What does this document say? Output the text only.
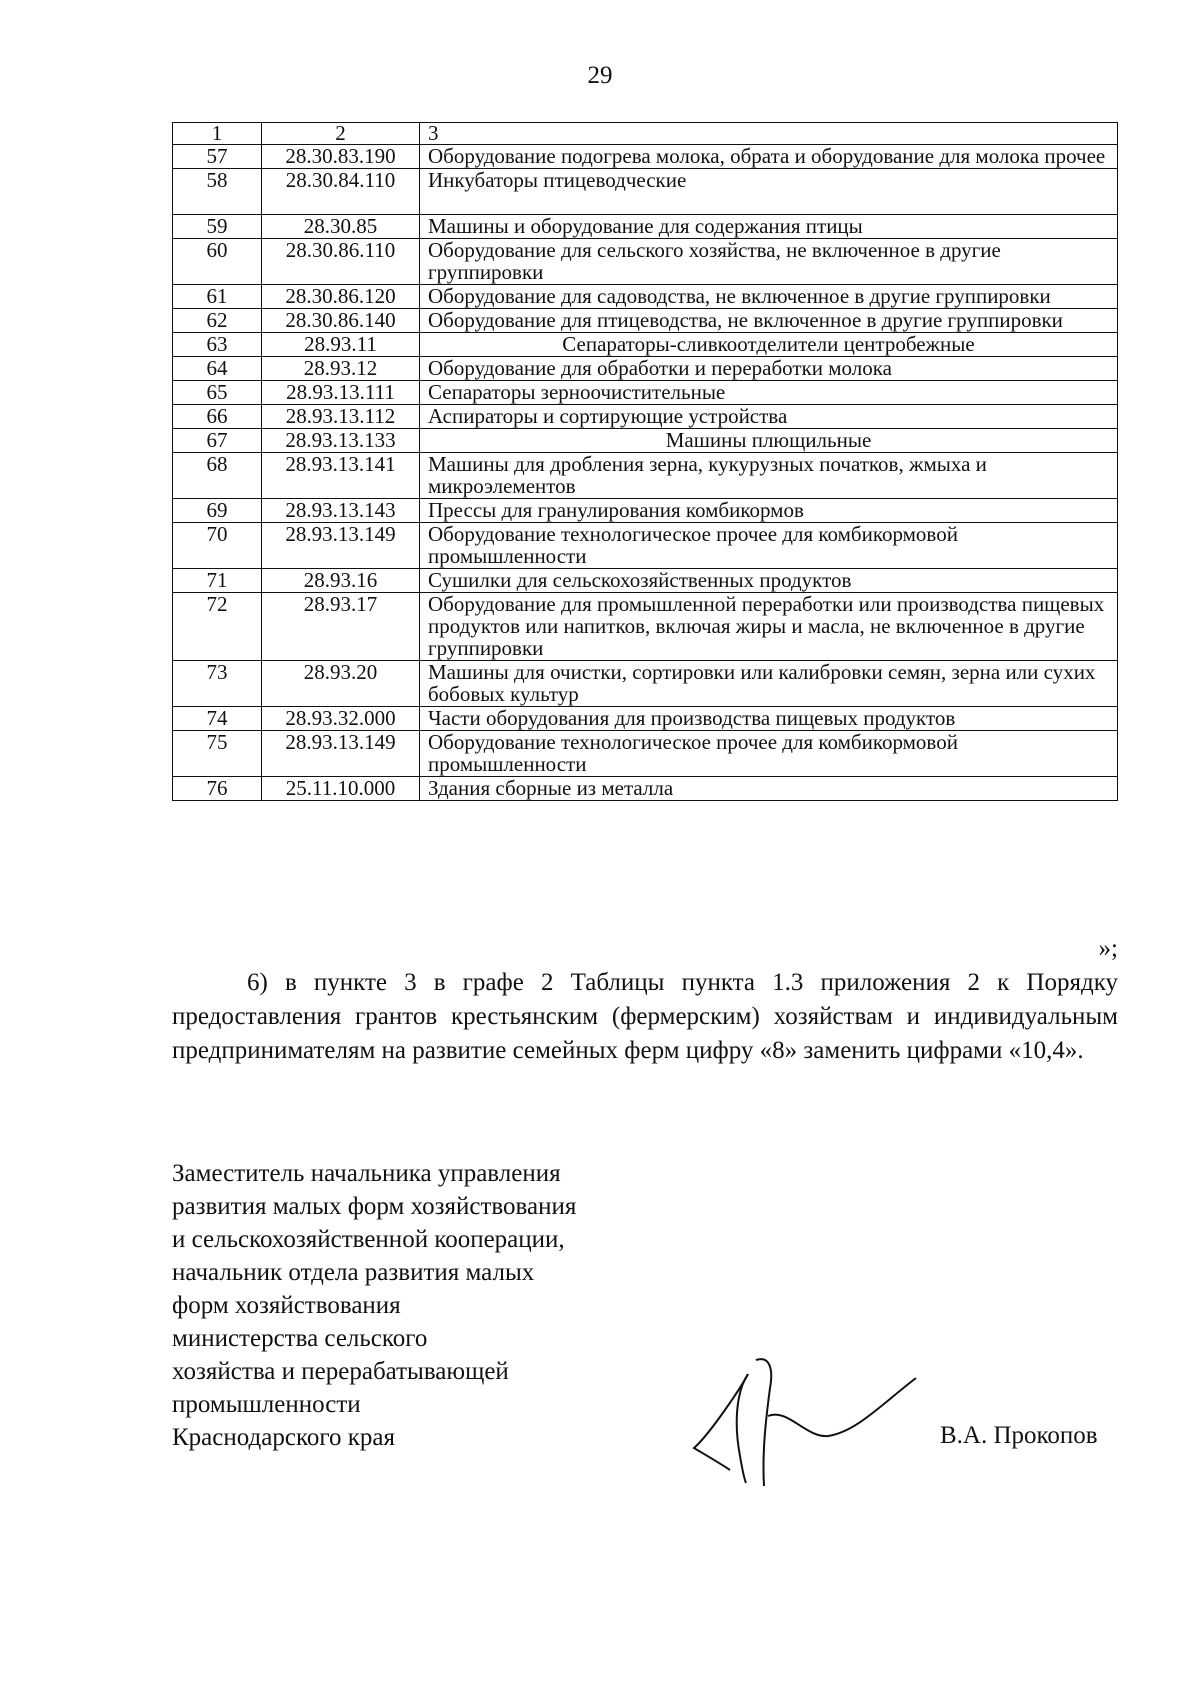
29
1	2	3
57	28.30.83.190	Оборудование подогрева молока, обрата и оборудование для молока прочее
58	28.30.84.110	Инкубаторы птицеводческие
59	28.30.85	Машины и оборудование для содержания птицы
60	28.30.86.110	Оборудование для сельского хозяйства, не включенное в другие группировки
61	28.30.86.120	Оборудование для садоводства, не включенное в другие группировки
62	28.30.86.140	Оборудование для птицеводства, не включенное в другие группировки
63	28.93.11	Сепараторы-сливкоотделители центробежные
64	28.93.12	Оборудование для обработки и переработки молока
65	28.93.13.111	Сепараторы зерноочистительные
66	28.93.13.112	Аспираторы и сортирующие устройства
67	28.93.13.133	Машины плющильные
68	28.93.13.141	Машины для дробления зерна, кукурузных початков, жмыха и микроэлементов
69	28.93.13.143	Прессы для гранулирования комбикормов
70	28.93.13.149	Оборудование технологическое прочее для комбикормовой промышленности
71	28.93.16	Сушилки для сельскохозяйственных продуктов
72	28.93.17	Оборудование для промышленной переработки или производства пищевых продуктов или напитков, включая жиры и масла, не включенное в другие группировки
73	28.93.20	Машины для очистки, сортировки или калибровки семян, зерна или сухих бобовых культур
74	28.93.32.000	Части оборудования для производства пищевых продуктов
75	28.93.13.149	Оборудование технологическое прочее для комбикормовой промышленности
76	25.11.10.000	Здания сборные из металла

»;

6) в пункте 3 в графе 2 Таблицы пункта 1.3 приложения 2 к Порядку предоставления грантов крестьянским (фермерским) хозяйствам и индивидуальным предпринимателям на развитие семейных ферм цифру «8» заменить цифрами «10,4».

Заместитель начальника управления
развития малых форм хозяйствования
и сельскохозяйственной кооперации,
начальник отдела развития малых
форм хозяйствования
министерства сельского
хозяйства и перерабатывающей
промышленности
Краснодарского края	В.А. Прокопов
